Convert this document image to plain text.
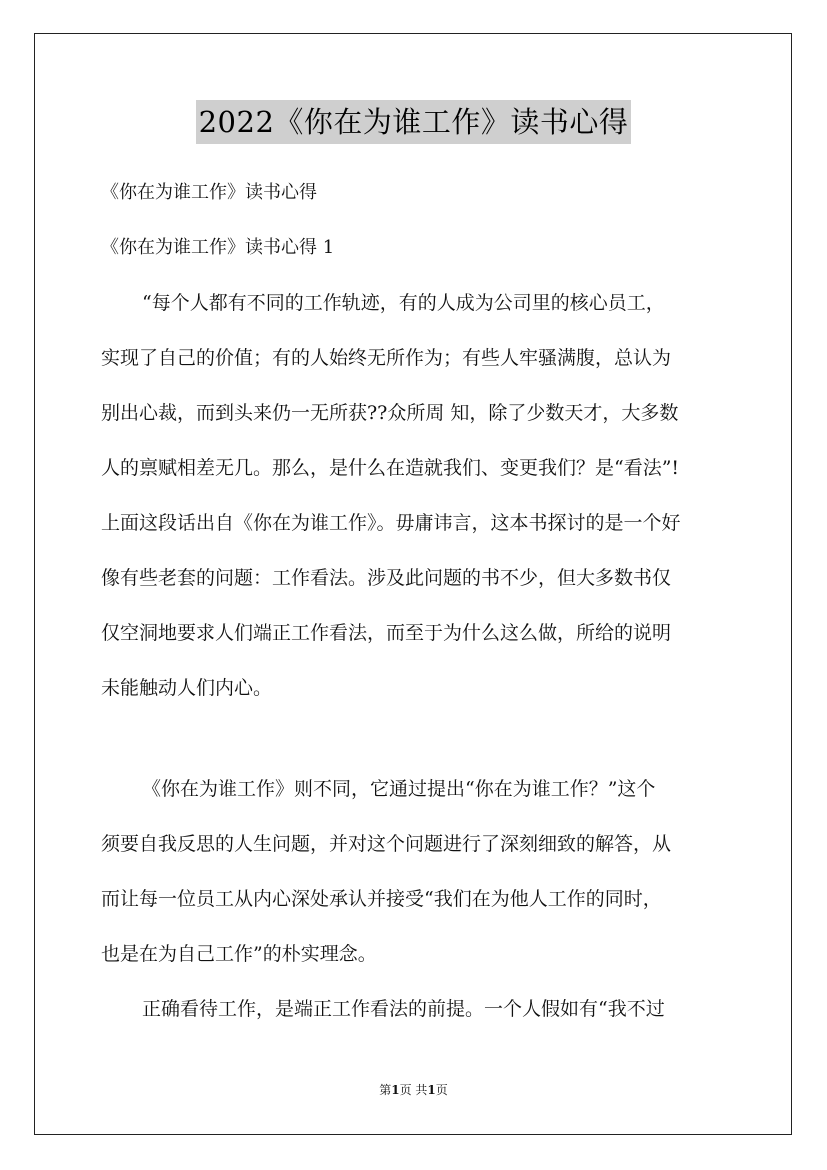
2022《你在为谁工作》读书心得
《你在为谁工作》读书心得
《你在为谁工作》读书心得 1
“每个人都有不同的工作轨迹，有的人成为公司里的核心员工，
实现了自己的价值；有的人始终无所作为；有些人牢骚满腹，总认为
别出心裁，而到头来仍一无所获??众所周 知，除了少数天才，大多数
人的禀赋相差无几。那么，是什么在造就我们、变更我们？是“看法”!
上面这段话出自《你在为谁工作》。毋庸讳言，这本书探讨的是一个好
像有些老套的问题：工作看法。涉及此问题的书不少，但大多数书仅
仅空洞地要求人们端正工作看法，而至于为什么这么做，所给的说明
未能触动人们内心。
《你在为谁工作》则不同，它通过提出“你在为谁工作？”这个
须要自我反思的人生问题，并对这个问题进行了深刻细致的解答，从
而让每一位员工从内心深处承认并接受“我们在为他人工作的同时，
也是在为自己工作”的朴实理念。
正确看待工作，是端正工作看法的前提。一个人假如有“我不过
第1页 共1页
